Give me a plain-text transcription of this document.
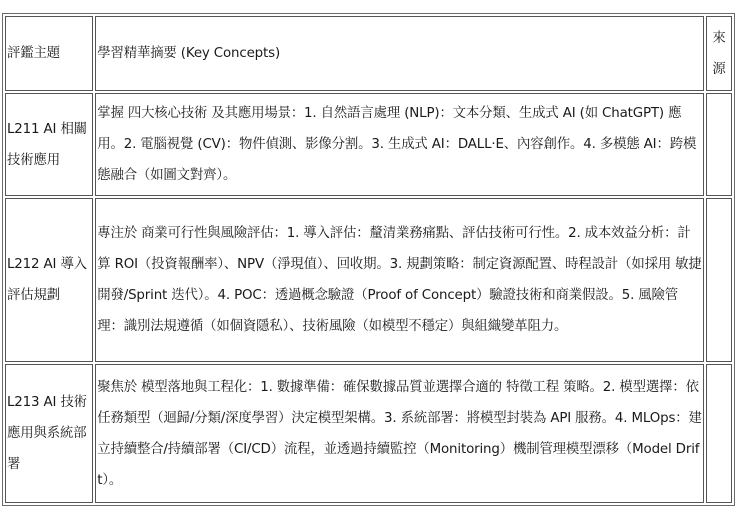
評鑑主題	學習精華摘要 (Key Concepts)	來
源

L211 AI 相關技術應用	掌握 四大核心技術 及其應用場景：1. 自然語言處理 (NLP)：文本分類、生成式 AI (如 ChatGPT) 應用。2. 電腦視覺 (CV)：物件偵測、影像分割。3. 生成式 AI：DALL·E、內容創作。4. 多模態 AI：跨模態融合（如圖文對齊）。	

L212 AI 導入評估規劃	專注於 商業可行性與風險評估：1. 導入評估：釐清業務痛點、評估技術可行性。2. 成本效益分析：計算 ROI（投資報酬率）、NPV（淨現值）、回收期。3. 規劃策略：制定資源配置、時程設計（如採用 敏捷開發/Sprint 迭代）。4. POC：透過概念驗證（Proof of Concept）驗證技術和商業假設。5. 風險管理：識別法規遵循（如個資隱私）、技術風險（如模型不穩定）與組織變革阻力。	

L213 AI 技術應用與系統部署	聚焦於 模型落地與工程化：1. 數據準備：確保數據品質並選擇合適的 特徵工程 策略。2. 模型選擇：依任務類型（迴歸/分類/深度學習）決定模型架構。3. 系統部署：將模型封裝為 API 服務。4. MLOps：建立持續整合/持續部署（CI/CD）流程，並透過持續監控（Monitoring）機制管理模型漂移（Model Drift）。	
